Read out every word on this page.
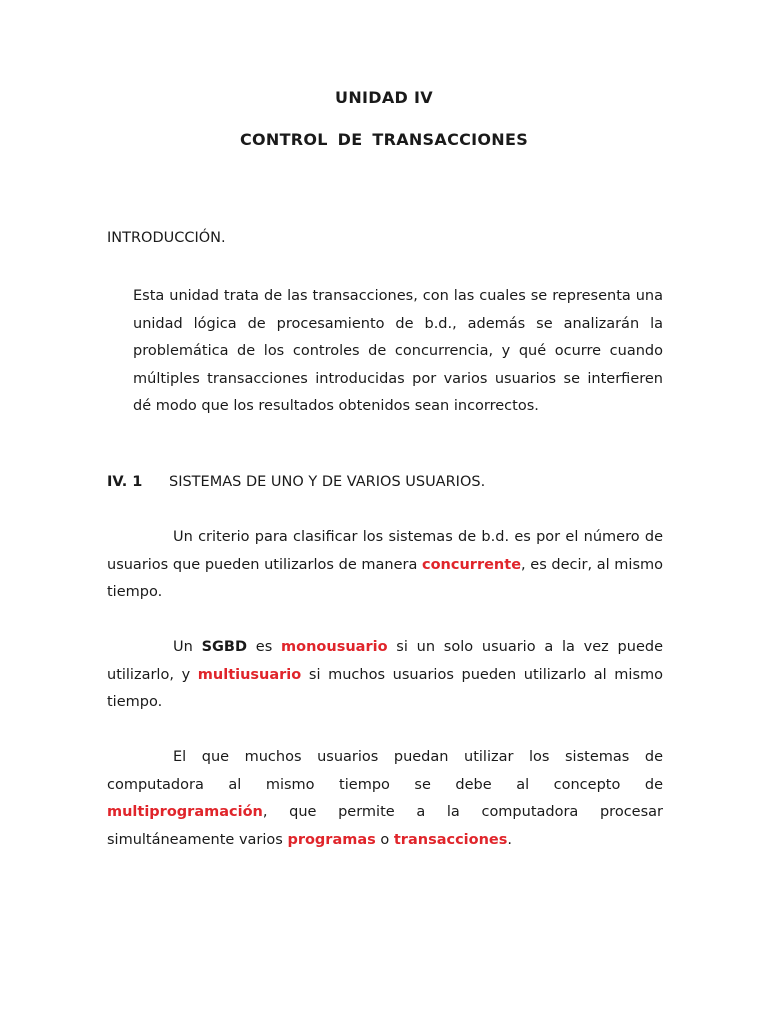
UNIDAD IV
CONTROL DE TRANSACCIONES

INTRODUCCIÓN.

Esta unidad trata de las transacciones, con las cuales se representa una unidad lógica de procesamiento de b.d., además se analizarán la problemática de los controles de concurrencia, y qué ocurre cuando múltiples transacciones introducidas por varios usuarios se interfieren dé modo que los resultados obtenidos sean incorrectos.

IV. 1 SISTEMAS DE UNO Y DE VARIOS USUARIOS.

Un criterio para clasificar los sistemas de b.d. es por el número de usuarios que pueden utilizarlos de manera concurrente, es decir, al mismo tiempo.

Un SGBD es monousuario si un solo usuario a la vez puede utilizarlo, y multiusuario si muchos usuarios pueden utilizarlo al mismo tiempo.

El que muchos usuarios puedan utilizar los sistemas de computadora al mismo tiempo se debe al concepto de multiprogramación, que permite a la computadora procesar simultáneamente varios programas o transacciones.
